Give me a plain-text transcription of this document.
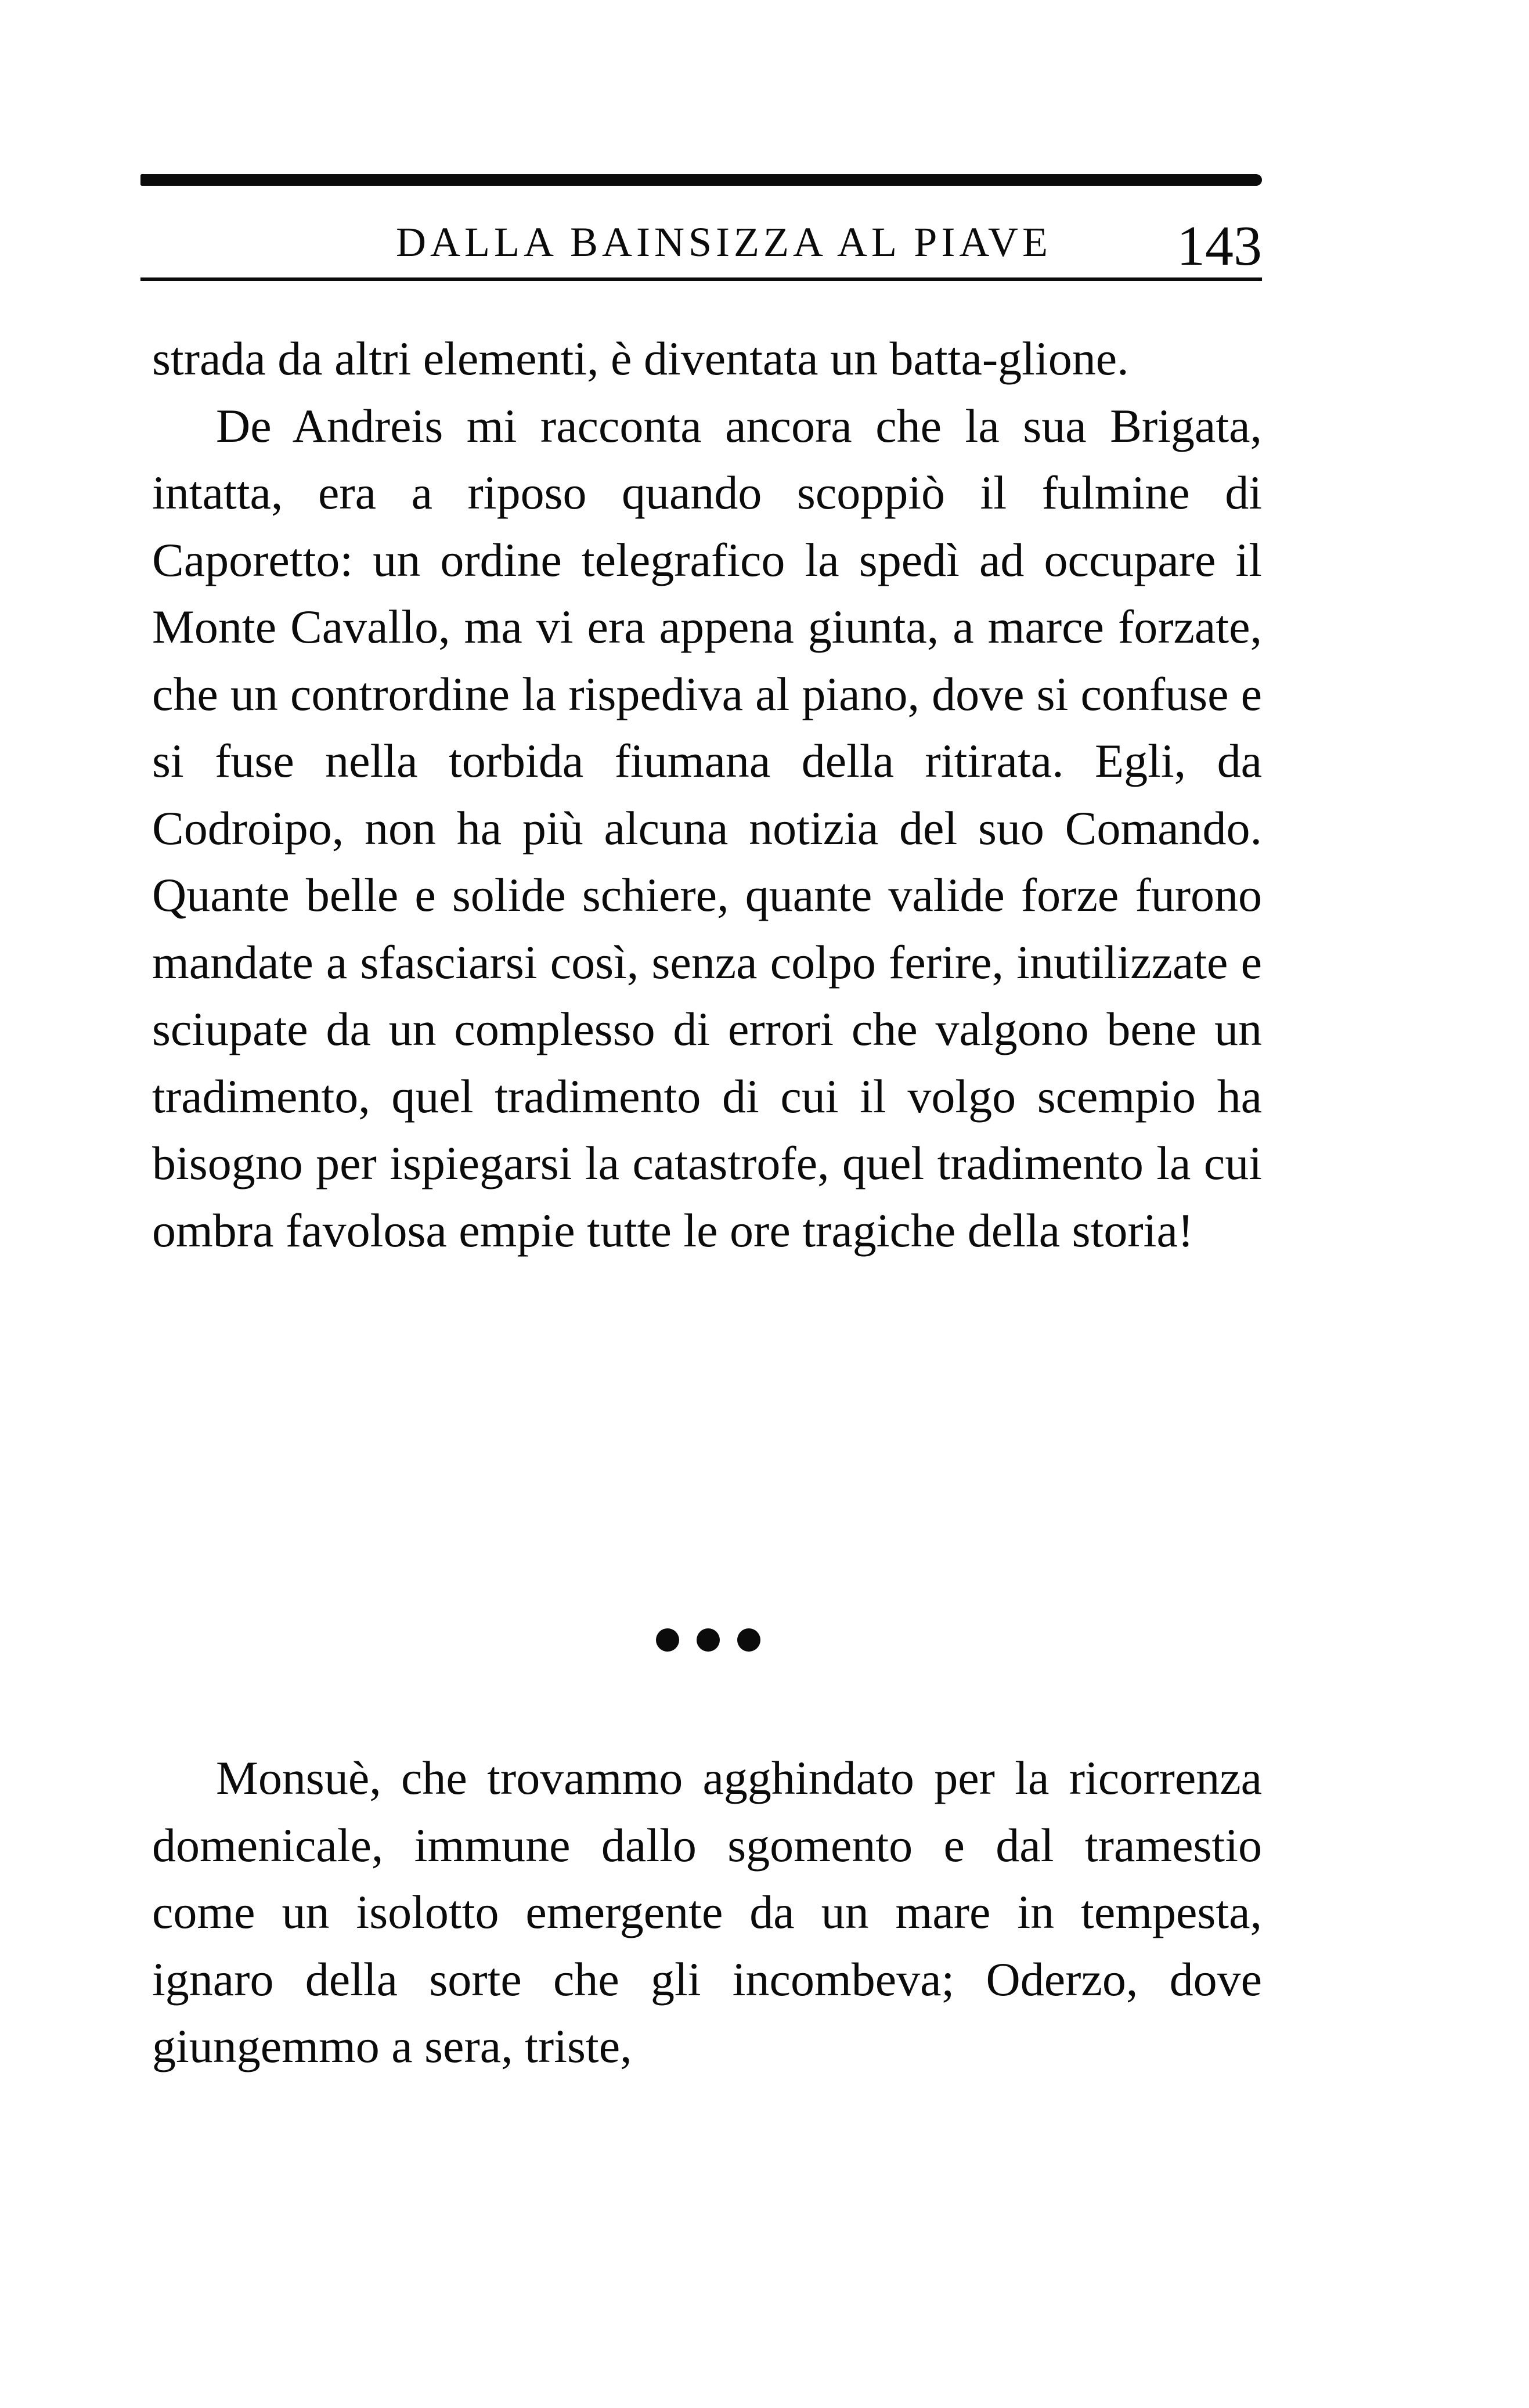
DALLA BAINSIZZA AL PIAVE 143

strada da altri elementi, è diventata un batta-glione.

De Andreis mi racconta ancora che la sua Brigata, intatta, era a riposo quando scoppiò il fulmine di Caporetto: un ordine telegrafico la spedì ad occupare il Monte Cavallo, ma vi era appena giunta, a marce forzate, che un contrordine la rispediva al piano, dove si confuse e si fuse nella torbida fiumana della ritirata. Egli, da Codroipo, non ha più alcuna notizia del suo Comando. Quante belle e solide schiere, quante valide forze furono mandate a sfasciarsi così, senza colpo ferire, inutilizzate e sciupate da un complesso di errori che valgono bene un tradimento, quel tradimento di cui il volgo scempio ha bisogno per ispiegarsi la catastrofe, quel tradimento la cui ombra favolosa empie tutte le ore tragiche della storia!

Monsuè, che trovammo agghindato per la ricorrenza domenicale, immune dallo sgomento e dal tramestio come un isolotto emergente da un mare in tempesta, ignaro della sorte che gli incombeva; Oderzo, dove giungemmo a sera, triste,
